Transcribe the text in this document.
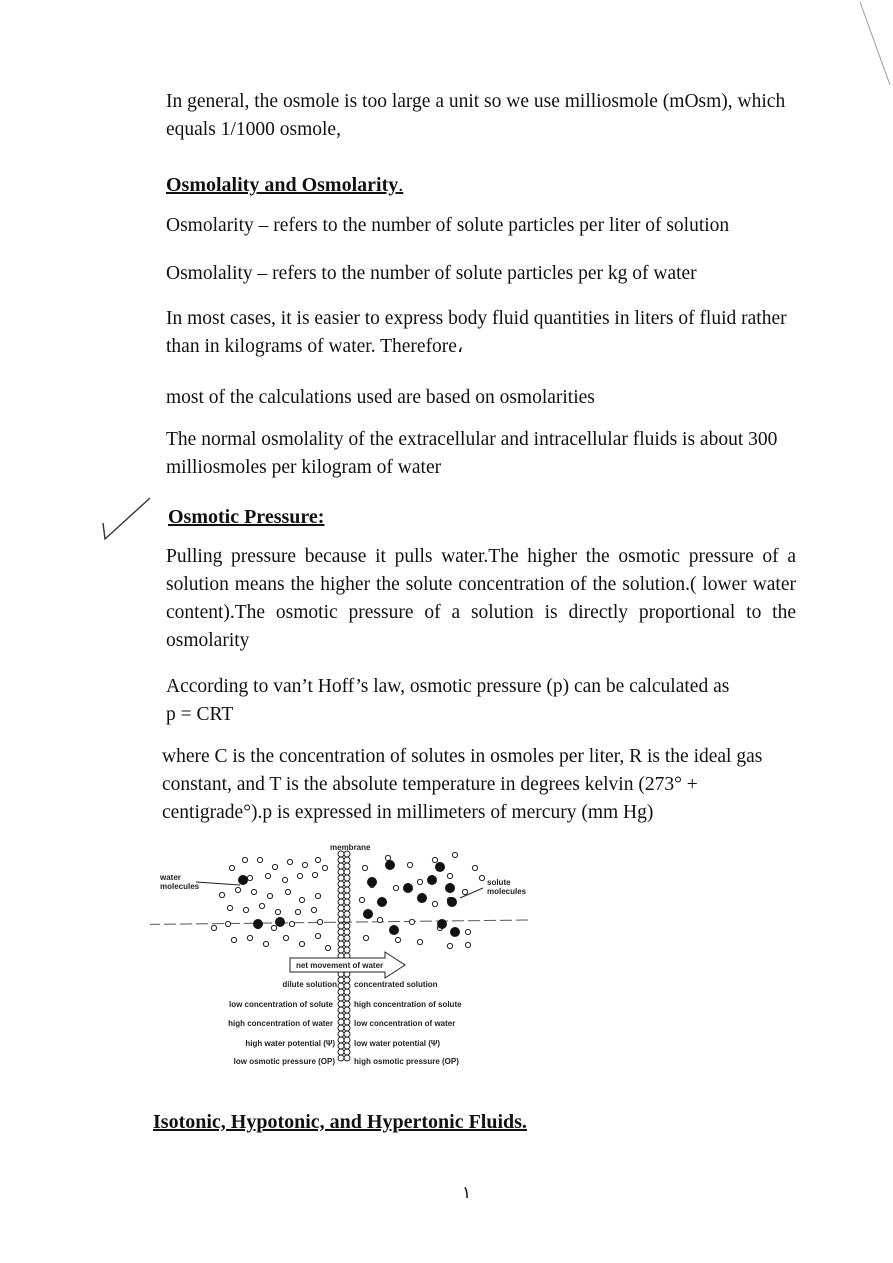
In general, the osmole is too large a unit so we use milliosmole (mOsm), which equals 1/1000 osmole,

Osmolality and Osmolarity.

Osmolarity – refers to the number of solute particles per liter of solution

Osmolality – refers to the number of solute particles per kg of water

In most cases, it is easier to express body fluid quantities in liters of fluid rather than in kilograms of water. Therefore،

most of the calculations used are based on osmolarities

The normal osmolality of the extracellular and intracellular fluids is about 300 milliosmoles per kilogram of water

Osmotic Pressure:

Pulling pressure because it pulls water.The higher the osmotic pressure of a solution means the higher the solute concentration of the solution.( lower water content).The osmotic pressure of a solution is directly proportional to the osmolarity

According to van’t Hoff’s law, osmotic pressure (p) can be calculated as

p = CRT

where C is the concentration of solutes in osmoles per liter, R is the ideal gas constant, and T is the absolute temperature in degrees kelvin (273° + centigrade°).p is expressed in millimeters of mercury (mm Hg)

membrane
water
molecules	solute
molecules
net movement of water
dilute solution
low concentration of solute
high concentration of water
high water potential (Ψ)
low osmotic pressure (OP)
concentrated solution
high concentration of solute
low concentration of water
low water potential (Ψ)
high osmotic pressure (OP)

Isotonic, Hypotonic, and Hypertonic Fluids.

١
